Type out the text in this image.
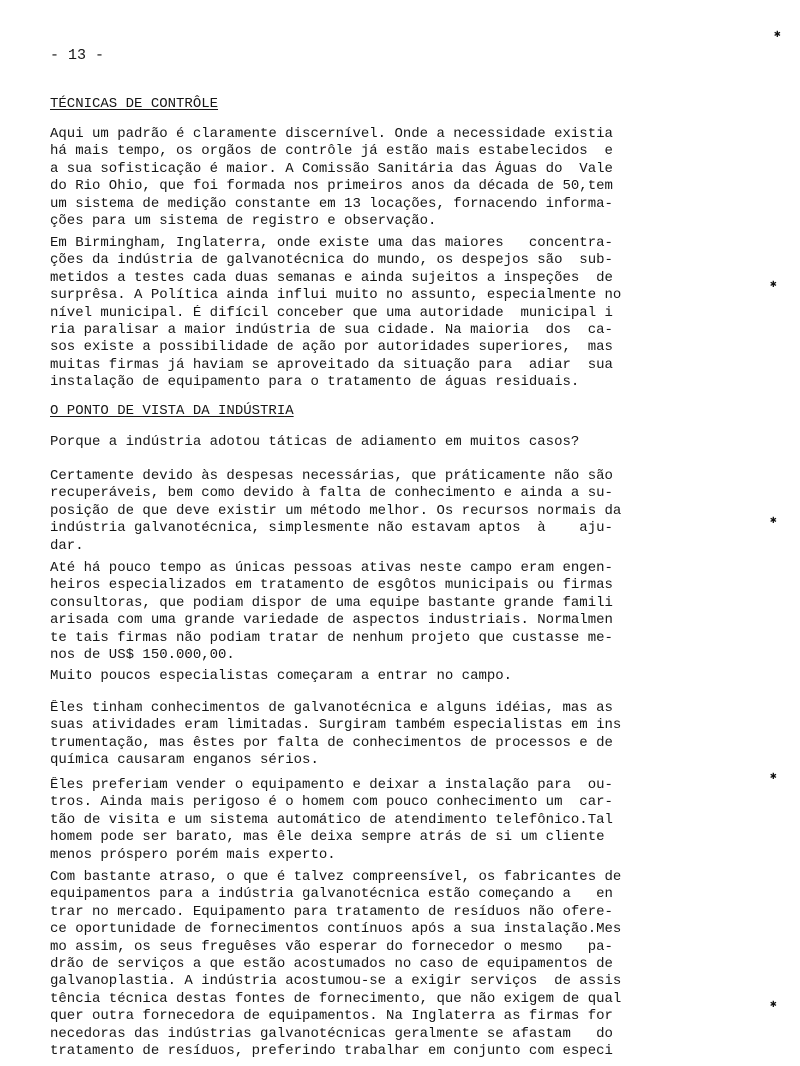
- 13 -
TÉCNICAS DE CONTRÔLE
Aqui um padrão é claramente discernível. Onde a necessidade existia
há mais tempo, os orgãos de contrôle já estão mais estabelecidos  e
a sua sofisticação é maior. A Comissão Sanitária das Águas do  Vale
do Rio Ohio, que foi formada nos primeiros anos da década de 50,tem
um sistema de medição constante em 13 locações, fornacendo informa-
ções para um sistema de registro e observação.
Em Birmingham, Inglaterra, onde existe uma das maiores   concentra-
ções da indústria de galvanotécnica do mundo, os despejos são  sub-
metidos a testes cada duas semanas e ainda sujeitos a inspeções  de
surprêsa. A Política ainda influi muito no assunto, especialmente no
nível municipal. É difícil conceber que uma autoridade  municipal i
ria paralisar a maior indústria de sua cidade. Na maioria  dos  ca-
sos existe a possibilidade de ação por autoridades superiores,  mas
muitas firmas já haviam se aproveitado da situação para  adiar  sua
instalação de equipamento para o tratamento de águas residuais.
O PONTO DE VISTA DA INDÚSTRIA
Porque a indústria adotou táticas de adiamento em muitos casos?
Certamente devido às despesas necessárias, que práticamente não são
recuperáveis, bem como devido à falta de conhecimento e ainda a su-
posição de que deve existir um método melhor. Os recursos normais da
indústria galvanotécnica, simplesmente não estavam aptos  à    aju-
dar.
Até há pouco tempo as únicas pessoas ativas neste campo eram engen-
heiros especializados em tratamento de esgôtos municipais ou firmas
consultoras, que podiam dispor de uma equipe bastante grande famili
arisada com uma grande variedade de aspectos industriais. Normalmen
te tais firmas não podiam tratar de nenhum projeto que custasse me-
nos de US$ 150.000,00.
Muito poucos especialistas começaram a entrar no campo.
Êles tinham conhecimentos de galvanotécnica e alguns idéias, mas as
suas atividades eram limitadas. Surgiram também especialistas em ins
trumentação, mas êstes por falta de conhecimentos de processos e de
química causaram enganos sérios.
Êles preferiam vender o equipamento e deixar a instalação para  ou-
tros. Ainda mais perigoso é o homem com pouco conhecimento um  car-
tão de visita e um sistema automático de atendimento telefônico.Tal
homem pode ser barato, mas êle deixa sempre atrás de si um cliente
menos próspero porém mais experto.
Com bastante atraso, o que é talvez compreensível, os fabricantes de
equipamentos para a indústria galvanotécnica estão começando a   en
trar no mercado. Equipamento para tratamento de resíduos não ofere-
ce oportunidade de fornecimentos contínuos após a sua instalação.Mes
mo assim, os seus freguêses vão esperar do fornecedor o mesmo   pa-
drão de serviços a que estão acostumados no caso de equipamentos de
galvanoplastia. A indústria acostumou-se a exigir serviços  de assis
tência técnica destas fontes de fornecimento, que não exigem de qual
quer outra fornecedora de equipamentos. Na Inglaterra as firmas for
necedoras das indústrias galvanotécnicas geralmente se afastam   do
tratamento de resíduos, preferindo trabalhar em conjunto com especi
✱
✱
✱
✱
✱
